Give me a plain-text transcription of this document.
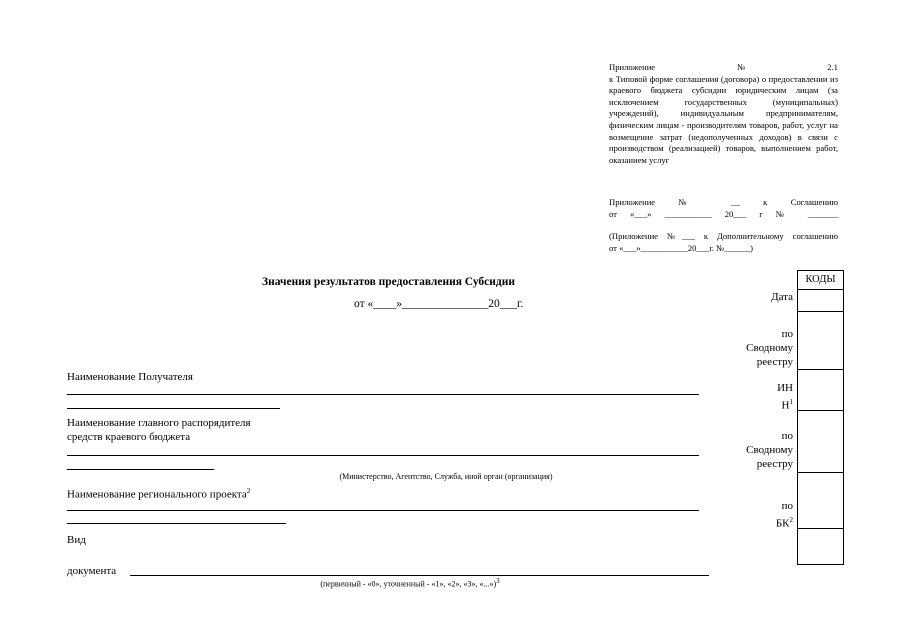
Приложение	№	2.1
к Типовой форме соглашения (договора) о предоставлении из краевого бюджета субсидии юридическим лицам (за исключением государственных (муниципальных) учреждений), индивидуальным предпринимателям, физическим лицам - производителям товаров, работ, услуг на возмещение затрат (недополученных доходов) в связи с производством (реализацией) товаров, выполнением работ, оказанием услуг
Приложение № __ к Соглашению
от «___» ___________ 20___ г № _______
(Приложение №___ к Дополнительному соглашению
от «___»___________20___г. №______)
Значения результатов предоставления Субсидии
от «____»_______________20___г.
Наименование Получателя
Наименование главного распорядителя
средств краевого бюджета
(Министерство, Агентство, Служба, иной орган (организация)
Наименование регионального проекта$^2$
Вид
документа
(первичный - «0», уточненный - «1», «2», «3», «...»)$^3$
КОДЫ
Дата
по
Сводному
реестру
ИН
$Н^1$
по
Сводному
реестру
по
$БК^2$
